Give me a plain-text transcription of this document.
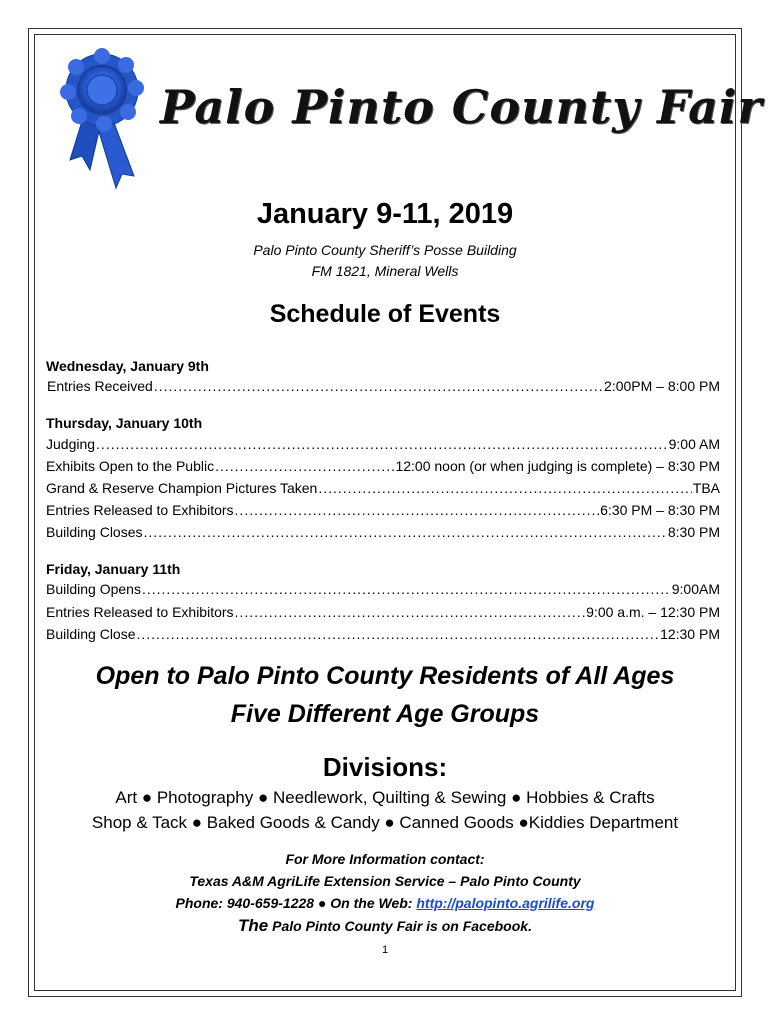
Palo Pinto County Fair
January 9-11, 2019
Palo Pinto County Sheriff’s Posse Building
FM 1821, Mineral Wells
Schedule of Events
Wednesday, January 9th
Entries Received .....	2:00PM – 8:00 PM
Thursday, January 10th
Judging .....	9:00 AM
Exhibits Open to the Public .....	12:00 noon (or when judging is complete) – 8:30 PM
Grand & Reserve Champion Pictures Taken .....	TBA
Entries Released to Exhibitors .....	6:30 PM – 8:30 PM
Building Closes .....	8:30 PM
Friday, January 11th
Building Opens .....	9:00AM
Entries Released to Exhibitors .....	9:00 a.m. – 12:30 PM
Building Close .....	12:30 PM
Open to Palo Pinto County Residents of All Ages
Five Different Age Groups
Divisions:
Art ● Photography ● Needlework, Quilting & Sewing ● Hobbies & Crafts
Shop & Tack ● Baked Goods & Candy ● Canned Goods ●Kiddies Department
For More Information contact:
Texas A&M AgriLife Extension Service – Palo Pinto County
Phone: 940-659-1228 ● On the Web: http://palopinto.agrilife.org
The Palo Pinto County Fair is on Facebook.
1
